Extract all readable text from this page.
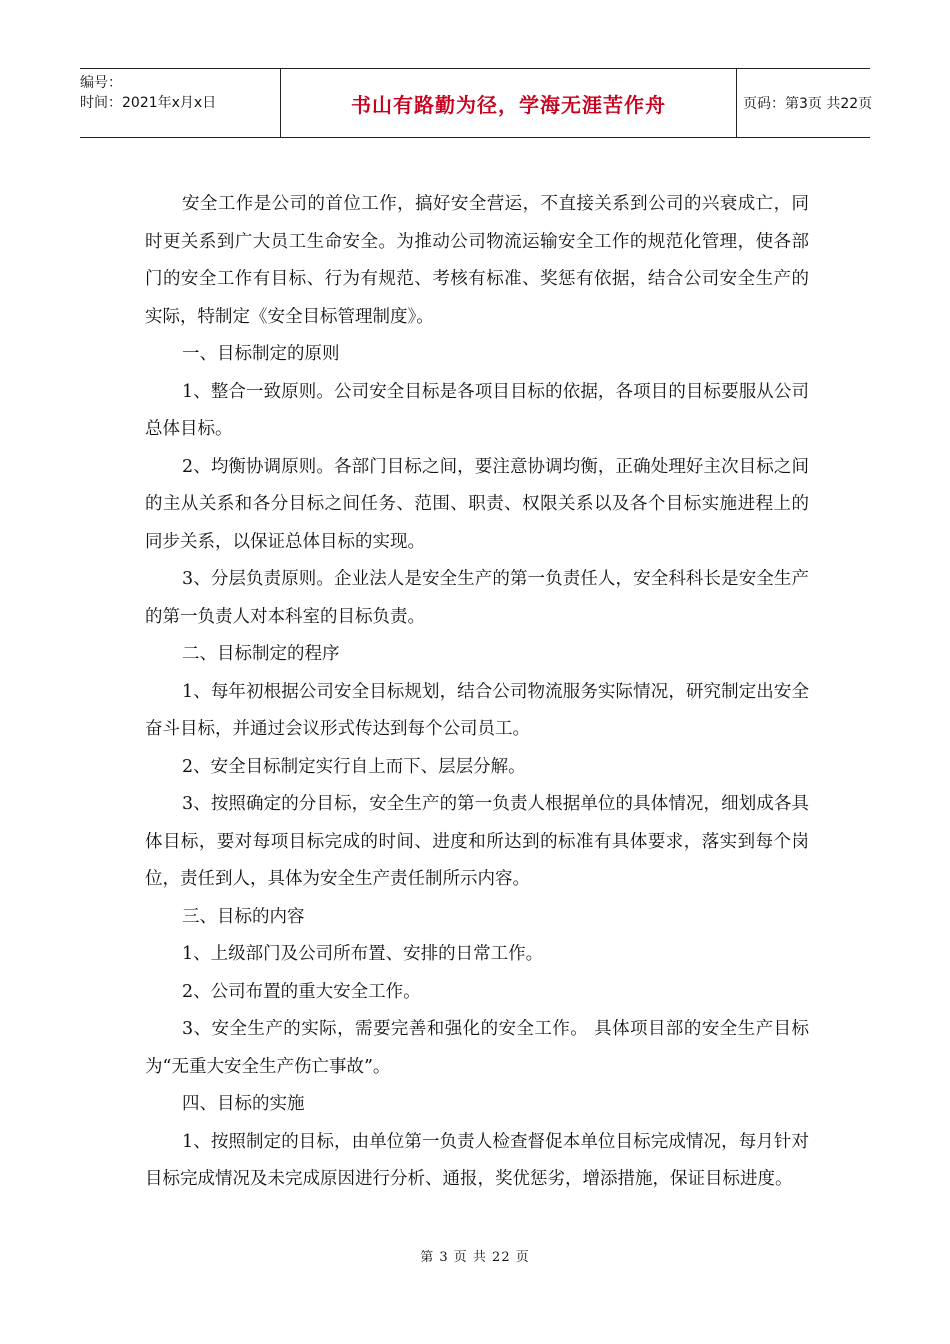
编号：
时间：2021年x月x日	书山有路勤为径，学海无涯苦作舟	页码：第3页 共22页

安全工作是公司的首位工作，搞好安全营运，不直接关系到公司的兴衰成亡，同时更关系到广大员工生命安全。为推动公司物流运输安全工作的规范化管理，使各部门的安全工作有目标、行为有规范、考核有标准、奖惩有依据，结合公司安全生产的实际，特制定《安全目标管理制度》。

一、目标制定的原则

1、整合一致原则。公司安全目标是各项目目标的依据，各项目的目标要服从公司总体目标。

2、均衡协调原则。各部门目标之间，要注意协调均衡，正确处理好主次目标之间的主从关系和各分目标之间任务、范围、职责、权限关系以及各个目标实施进程上的同步关系，以保证总体目标的实现。

3、分层负责原则。企业法人是安全生产的第一负责任人，安全科科长是安全生产的第一负责人对本科室的目标负责。

二、目标制定的程序

1、每年初根据公司安全目标规划，结合公司物流服务实际情况，研究制定出安全奋斗目标，并通过会议形式传达到每个公司员工。

2、安全目标制定实行自上而下、层层分解。

3、按照确定的分目标，安全生产的第一负责人根据单位的具体情况，细划成各具体目标，要对每项目标完成的时间、进度和所达到的标准有具体要求，落实到每个岗位，责任到人，具体为安全生产责任制所示内容。

三、目标的内容

1、上级部门及公司所布置、安排的日常工作。

2、公司布置的重大安全工作。

3、安全生产的实际，需要完善和强化的安全工作。 具体项目部的安全生产目标为“无重大安全生产伤亡事故”。

四、目标的实施

1、按照制定的目标，由单位第一负责人检查督促本单位目标完成情况，每月针对目标完成情况及未完成原因进行分析、通报，奖优惩劣，增添措施，保证目标进度。

第 3 页 共 22 页
